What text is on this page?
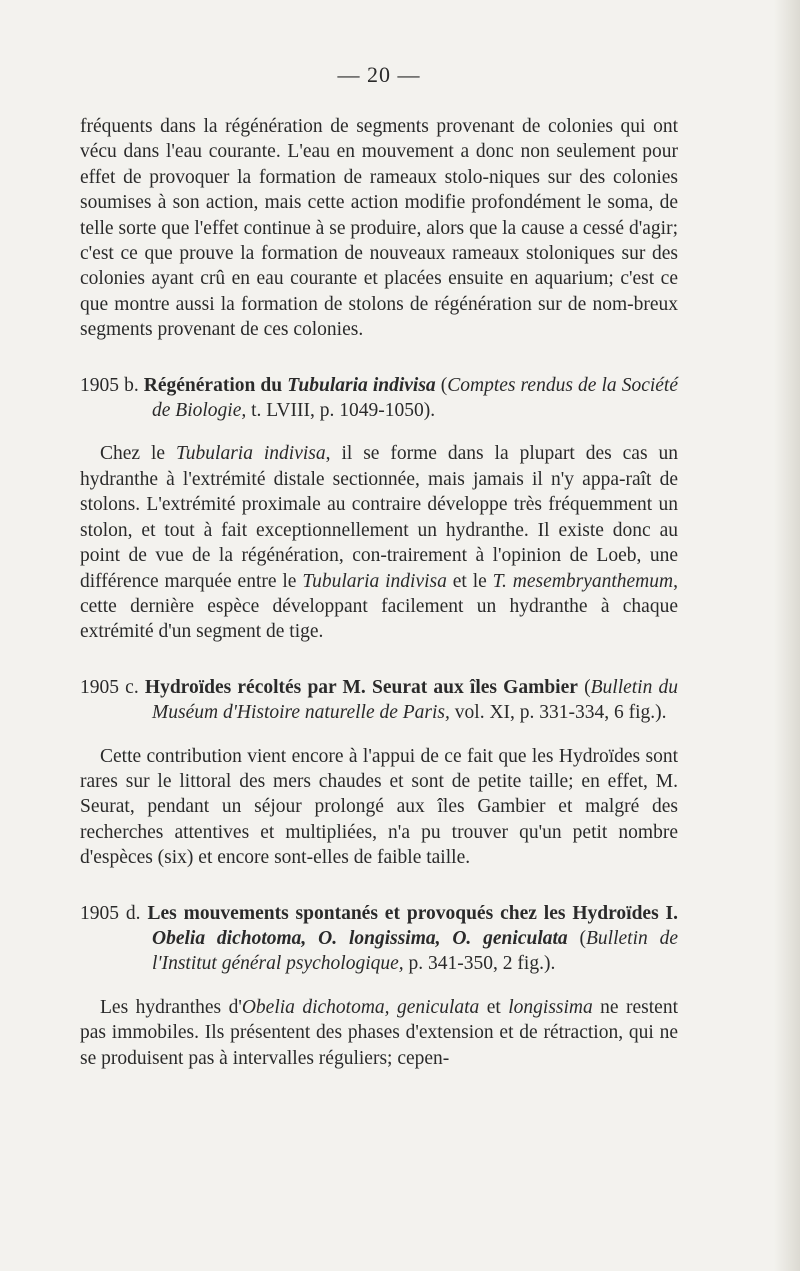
— 20 —

fréquents dans la régénération de segments provenant de colonies qui ont vécu dans l'eau courante. L'eau en mouvement a donc non seulement pour effet de provoquer la formation de rameaux stolo-niques sur des colonies soumises à son action, mais cette action modifie profondément le soma, de telle sorte que l'effet continue à se produire, alors que la cause a cessé d'agir; c'est ce que prouve la formation de nouveaux rameaux stoloniques sur des colonies ayant crû en eau courante et placées ensuite en aquarium; c'est ce que montre aussi la formation de stolons de régénération sur de nom-breux segments provenant de ces colonies.

1905 b. Régénération du Tubularia indivisa (Comptes rendus de la Société de Biologie, t. LVIII, p. 1049-1050).

Chez le Tubularia indivisa, il se forme dans la plupart des cas un hydranthe à l'extrémité distale sectionnée, mais jamais il n'y appa-raît de stolons. L'extrémité proximale au contraire développe très fréquemment un stolon, et tout à fait exceptionnellement un hydranthe. Il existe donc au point de vue de la régénération, con-trairement à l'opinion de Loeb, une différence marquée entre le Tubularia indivisa et le T. mesembryanthemum, cette dernière espèce développant facilement un hydranthe à chaque extrémité d'un segment de tige.

1905 c. Hydroïdes récoltés par M. Seurat aux îles Gambier (Bulletin du Muséum d'Histoire naturelle de Paris, vol. XI, p. 331-334, 6 fig.).

Cette contribution vient encore à l'appui de ce fait que les Hydroïdes sont rares sur le littoral des mers chaudes et sont de petite taille; en effet, M. Seurat, pendant un séjour prolongé aux îles Gambier et malgré des recherches attentives et multipliées, n'a pu trouver qu'un petit nombre d'espèces (six) et encore sont-elles de faible taille.

1905 d. Les mouvements spontanés et provoqués chez les Hydroïdes I. Obelia dichotoma, O. longissima, O. geniculata (Bulletin de l'Institut général psychologique, p. 341-350, 2 fig.).

Les hydranthes d'Obelia dichotoma, geniculata et longissima ne restent pas immobiles. Ils présentent des phases d'extension et de rétraction, qui ne se produisent pas à intervalles réguliers; cepen-
